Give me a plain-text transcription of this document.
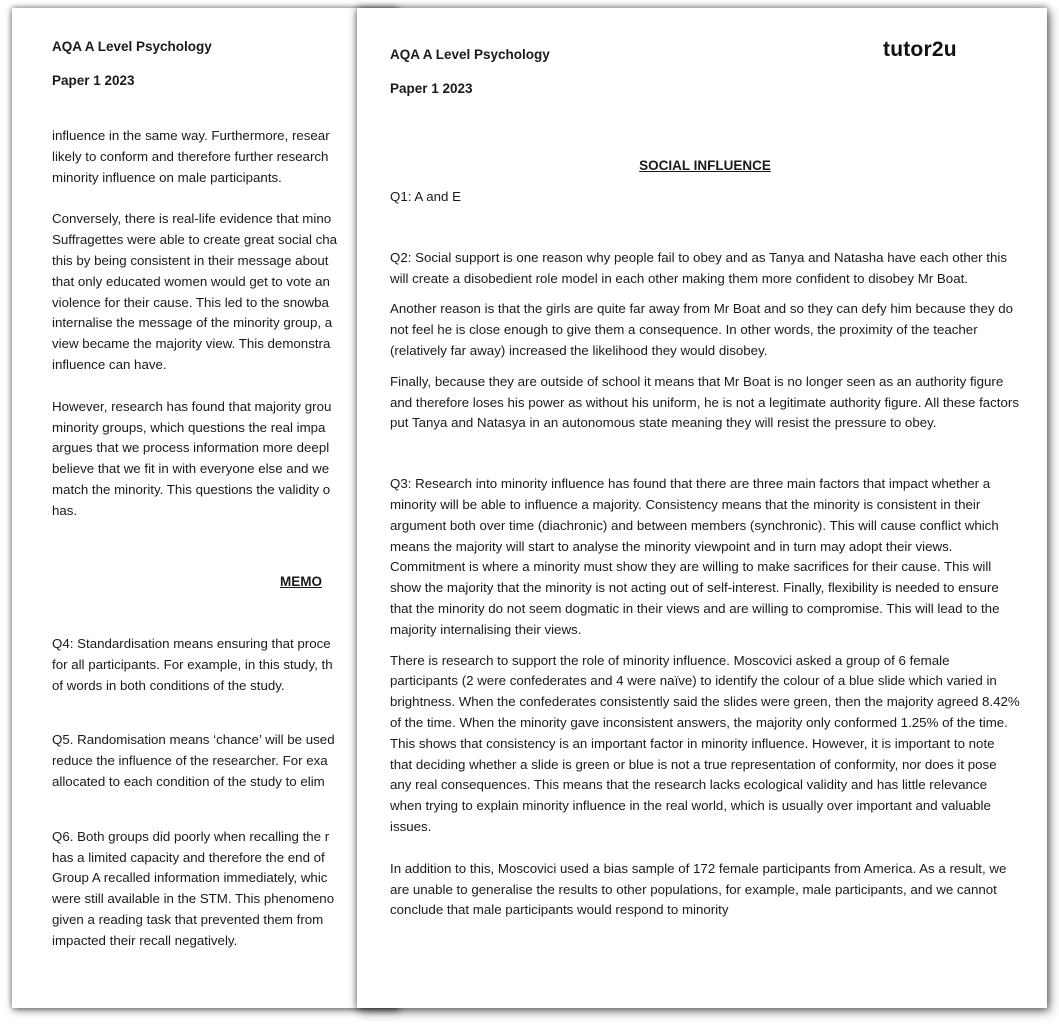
AQA A Level Psychology
Paper 1 2023
influence in the same way. Furthermore, resear
likely to conform and therefore further research
minority influence on male participants.
Conversely, there is real-life evidence that mino
Suffragettes were able to create great social cha
this by being consistent in their message about
that only educated women would get to vote an
violence for their cause. This led to the snowba
internalise the message of the minority group, a
view became the majority view. This demonstra
influence can have.
However, research has found that majority grou
minority groups, which questions the real impa
argues that we process information more deepl
believe that we fit in with everyone else and we
match the minority. This questions the validity o
has.
MEMO
Q4: Standardisation means ensuring that proce
for all participants. For example, in this study, th
of words in both conditions of the study.
Q5. Randomisation means ‘chance’ will be used
reduce the influence of the researcher. For exa
allocated to each condition of the study to elim
Q6. Both groups did poorly when recalling the r
has a limited capacity and therefore the end of
Group A recalled information immediately, whic
were still available in the STM. This phenomeno
given a reading task that prevented them from
impacted their recall negatively.
AQA A Level Psychology
Paper 1 2023
tutor2u
SOCIAL INFLUENCE

Q1: A and E

Q2: Social support is one reason why people fail to obey and as Tanya and Natasha have each other this will create a disobedient role model in each other making them more confident to disobey Mr Boat.

Another reason is that the girls are quite far away from Mr Boat and so they can defy him because they do not feel he is close enough to give them a consequence. In other words, the proximity of the teacher (relatively far away) increased the likelihood they would disobey.

Finally, because they are outside of school it means that Mr Boat is no longer seen as an authority figure and therefore loses his power as without his uniform, he is not a legitimate authority figure. All these factors put Tanya and Natasya in an autonomous state meaning they will resist the pressure to obey.

Q3: Research into minority influence has found that there are three main factors that impact whether a minority will be able to influence a majority. Consistency means that the minority is consistent in their argument both over time (diachronic) and between members (synchronic). This will cause conflict which means the majority will start to analyse the minority viewpoint and in turn may adopt their views. Commitment is where a minority must show they are willing to make sacrifices for their cause. This will show the majority that the minority is not acting out of self-interest. Finally, flexibility is needed to ensure that the minority do not seem dogmatic in their views and are willing to compromise. This will lead to the majority internalising their views.

There is research to support the role of minority influence. Moscovici asked a group of 6 female participants (2 were confederates and 4 were naïve) to identify the colour of a blue slide which varied in brightness. When the confederates consistently said the slides were green, then the majority agreed 8.42% of the time. When the minority gave inconsistent answers, the majority only conformed 1.25% of the time. This shows that consistency is an important factor in minority influence. However, it is important to note that deciding whether a slide is green or blue is not a true representation of conformity, nor does it pose any real consequences. This means that the research lacks ecological validity and has little relevance when trying to explain minority influence in the real world, which is usually over important and valuable issues.

In addition to this, Moscovici used a bias sample of 172 female participants from America. As a result, we are unable to generalise the results to other populations, for example, male participants, and we cannot conclude that male participants would respond to minority
